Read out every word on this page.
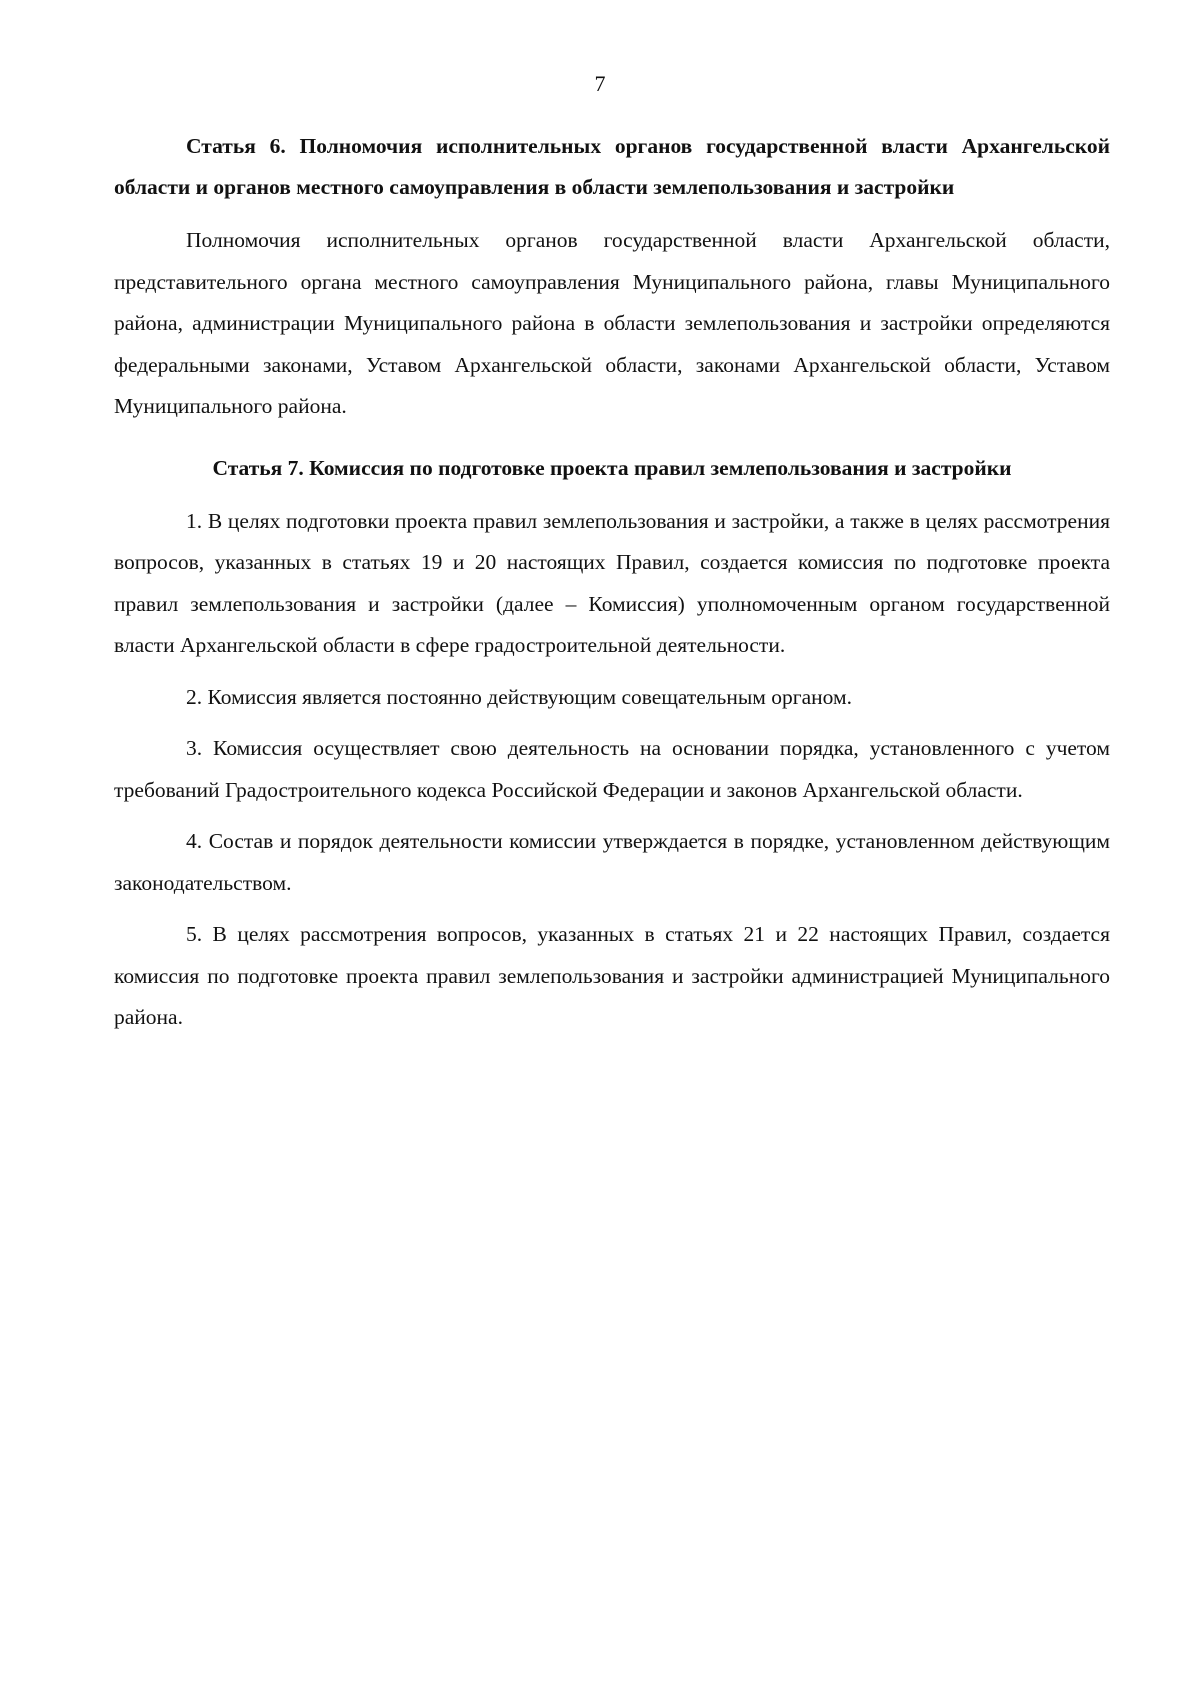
7

Статья 6. Полномочия исполнительных органов государственной власти Архангельской области и органов местного самоуправления в области землепользования и застройки

Полномочия исполнительных органов государственной власти Архангельской области, представительного органа местного самоуправления Муниципального района, главы Муниципального района, администрации Муниципального района в области землепользования и застройки определяются федеральными законами, Уставом Архангельской области, законами Архангельской области, Уставом Муниципального района.

Статья 7. Комиссия по подготовке проекта правил землепользования и застройки

1. В целях подготовки проекта правил землепользования и застройки, а также в целях рассмотрения вопросов, указанных в статьях 19 и 20 настоящих Правил, создается комиссия по подготовке проекта правил землепользования и застройки (далее – Комиссия) уполномоченным органом государственной власти Архангельской области в сфере градостроительной деятельности.

2. Комиссия является постоянно действующим совещательным органом.

3. Комиссия осуществляет свою деятельность на основании порядка, установленного с учетом требований Градостроительного кодекса Российской Федерации и законов Архангельской области.

4. Состав и порядок деятельности комиссии утверждается в порядке, установленном действующим законодательством.

5. В целях рассмотрения вопросов, указанных в статьях 21 и 22 настоящих Правил, создается комиссия по подготовке проекта правил землепользования и застройки администрацией Муниципального района.
